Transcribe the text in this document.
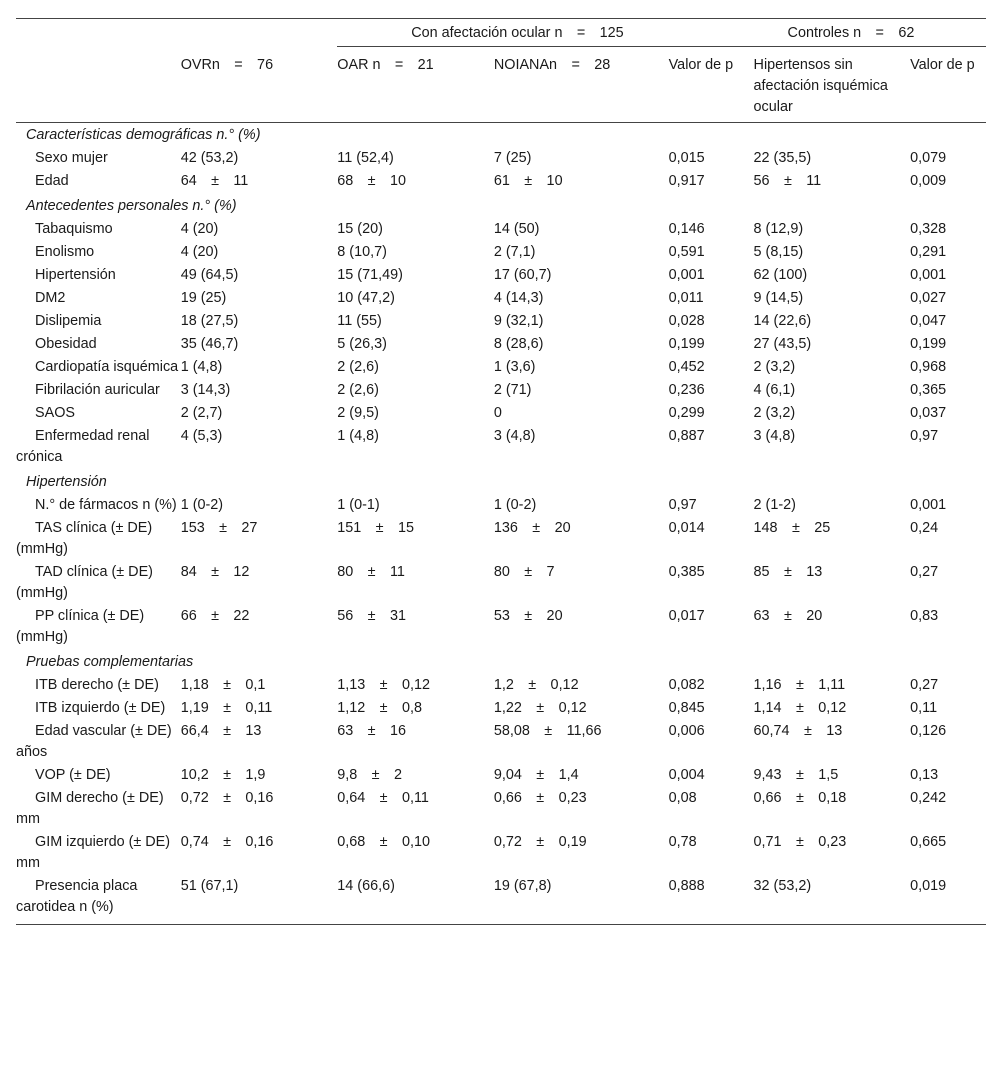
		Con afectación ocular n = 125			Controles n = 62	
	OVRn = 76	OAR n = 21	NOIANAn = 28	Valor de p	Hipertensos sin afectación isquémica ocular	Valor de p
Características demográficas n.° (%)						
Sexo mujer	42 (53,2)	11 (52,4)	7 (25)	0,015	22 (35,5)	0,079
Edad	64 ± 11	68 ± 10	61 ± 10	0,917	56 ± 11	0,009
Antecedentes personales n.° (%)						
Tabaquismo	4 (20)	15 (20)	14 (50)	0,146	8 (12,9)	0,328
Enolismo	4 (20)	8 (10,7)	2 (7,1)	0,591	5 (8,15)	0,291
Hipertensión	49 (64,5)	15 (71,49)	17 (60,7)	0,001	62 (100)	0,001
DM2	19 (25)	10 (47,2)	4 (14,3)	0,011	9 (14,5)	0,027
Dislipemia	18 (27,5)	11 (55)	9 (32,1)	0,028	14 (22,6)	0,047
Obesidad	35 (46,7)	5 (26,3)	8 (28,6)	0,199	27 (43,5)	0,199
Cardiopatía isquémica	1 (4,8)	2 (2,6)	1 (3,6)	0,452	2 (3,2)	0,968
Fibrilación auricular	3 (14,3)	2 (2,6)	2 (71)	0,236	4 (6,1)	0,365
SAOS	2 (2,7)	2 (9,5)	0	0,299	2 (3,2)	0,037
Enfermedad renal crónica	4 (5,3)	1 (4,8)	3 (4,8)	0,887	3 (4,8)	0,97
Hipertensión						
N.° de fármacos n (%)	1 (0-2)	1 (0-1)	1 (0-2)	0,97	2 (1-2)	0,001
TAS clínica (± DE) (mmHg)	153 ± 27	151 ± 15	136 ± 20	0,014	148 ± 25	0,24
TAD clínica (± DE) (mmHg)	84 ± 12	80 ± 11	80 ± 7	0,385	85 ± 13	0,27
PP clínica (± DE) (mmHg)	66 ± 22	56 ± 31	53 ± 20	0,017	63 ± 20	0,83
Pruebas complementarias						
ITB derecho (± DE)	1,18 ± 0,1	1,13 ± 0,12	1,2 ± 0,12	0,082	1,16 ± 1,11	0,27
ITB izquierdo (± DE)	1,19 ± 0,11	1,12 ± 0,8	1,22 ± 0,12	0,845	1,14 ± 0,12	0,11
Edad vascular (± DE) años	66,4 ± 13	63 ± 16	58,08 ± 11,66	0,006	60,74 ± 13	0,126
VOP (± DE)	10,2 ± 1,9	9,8 ± 2	9,04 ± 1,4	0,004	9,43 ± 1,5	0,13
GIM derecho (± DE) mm	0,72 ± 0,16	0,64 ± 0,11	0,66 ± 0,23	0,08	0,66 ± 0,18	0,242
GIM izquierdo (± DE) mm	0,74 ± 0,16	0,68 ± 0,10	0,72 ± 0,19	0,78	0,71 ± 0,23	0,665
Presencia placa carotidea n (%)	51 (67,1)	14 (66,6)	19 (67,8)	0,888	32 (53,2)	0,019
